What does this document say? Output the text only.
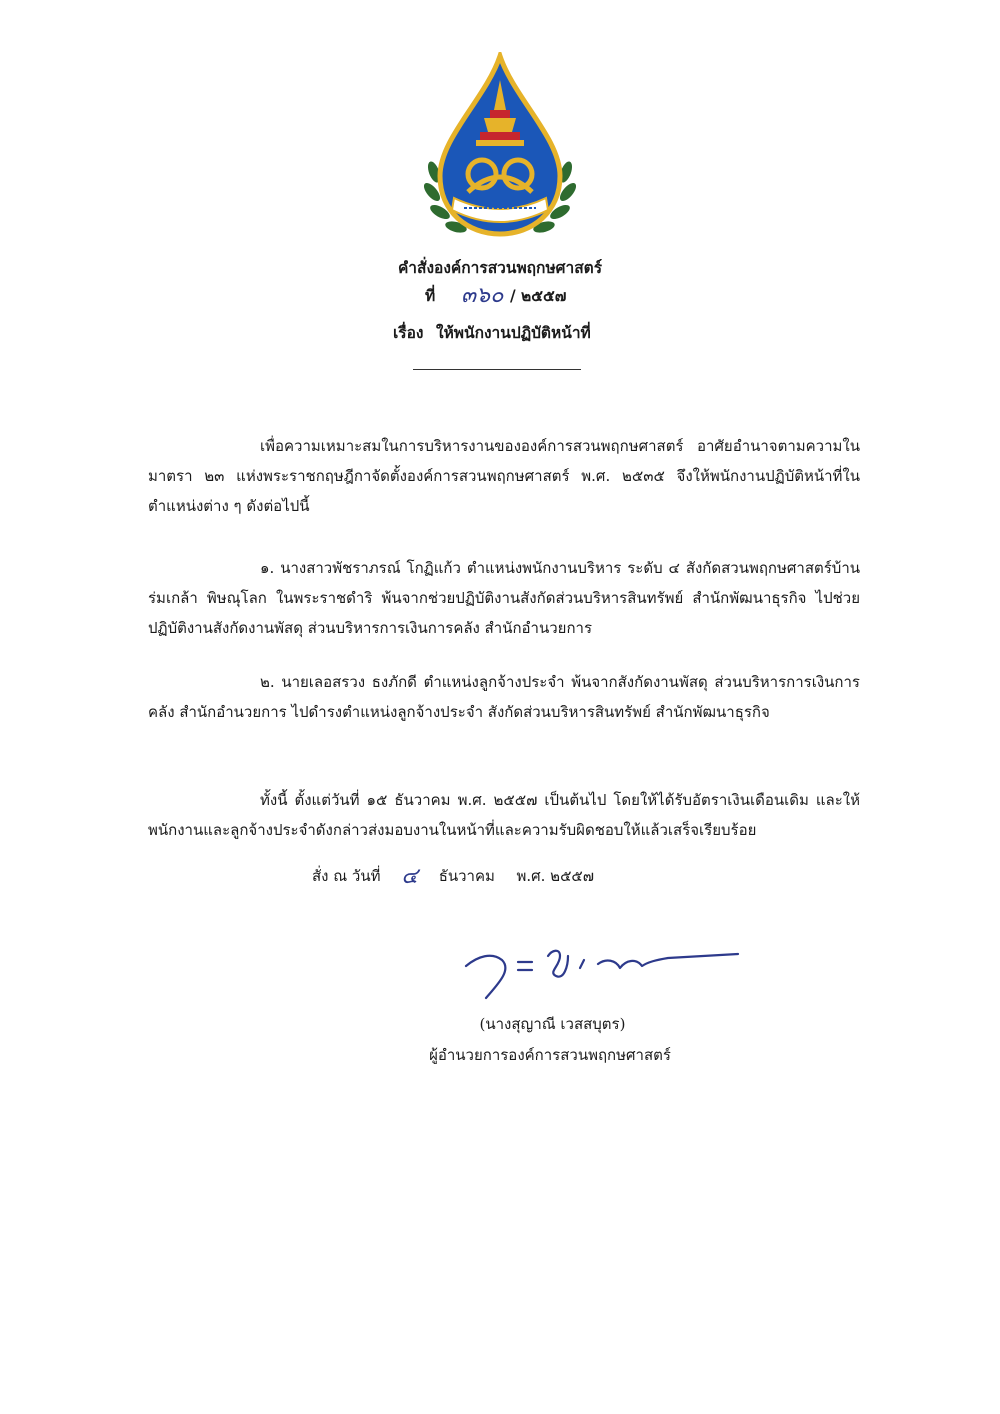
คำสั่งองค์การสวนพฤกษศาสตร์
ที่ ๓๖๐ / ๒๕๕๗
เรื่อง ให้พนักงานปฏิบัติหน้าที่

เพื่อความเหมาะสมในการบริหารงานขององค์การสวนพฤกษศาสตร์ อาศัยอำนาจตามความในมาตรา ๒๓ แห่งพระราชกฤษฎีกาจัดตั้งองค์การสวนพฤกษศาสตร์ พ.ศ. ๒๕๓๕ จึงให้พนักงานปฏิบัติหน้าที่ในตำแหน่งต่าง ๆ ดังต่อไปนี้

๑. นางสาวพัชราภรณ์ โกฏิแก้ว ตำแหน่งพนักงานบริหาร ระดับ ๔ สังกัดสวนพฤกษศาสตร์บ้านร่มเกล้า พิษณุโลก ในพระราชดำริ พ้นจากช่วยปฏิบัติงานสังกัดส่วนบริหารสินทรัพย์ สำนักพัฒนาธุรกิจ ไปช่วยปฏิบัติงานสังกัดงานพัสดุ ส่วนบริหารการเงินการคลัง สำนักอำนวยการ

๒. นายเลอสรวง ธงภักดี ตำแหน่งลูกจ้างประจำ พ้นจากสังกัดงานพัสดุ ส่วนบริหารการเงินการคลัง สำนักอำนวยการ ไปดำรงตำแหน่งลูกจ้างประจำ สังกัดส่วนบริหารสินทรัพย์ สำนักพัฒนาธุรกิจ

ทั้งนี้ ตั้งแต่วันที่ ๑๕ ธันวาคม พ.ศ. ๒๕๕๗ เป็นต้นไป โดยให้ได้รับอัตราเงินเดือนเดิม และให้พนักงานและลูกจ้างประจำดังกล่าวส่งมอบงานในหน้าที่และความรับผิดชอบให้แล้วเสร็จเรียบร้อย

สั่ง ณ วันที่ ๔ ธันวาคม พ.ศ. ๒๕๕๗
(นางสุญาณี เวสสบุตร)
ผู้อำนวยการองค์การสวนพฤกษศาสตร์
